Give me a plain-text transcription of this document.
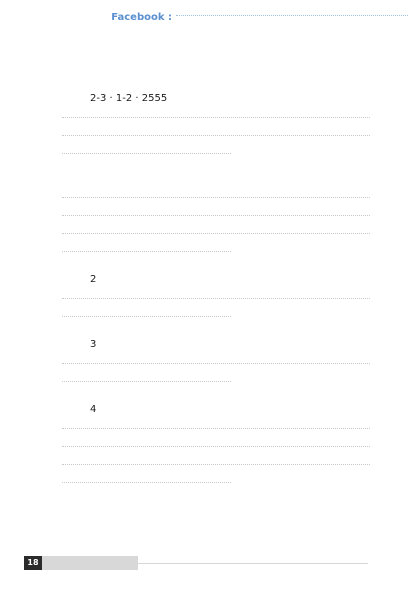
Facebook :
2-3 · 1-2 · 2555
2
3
4
18
